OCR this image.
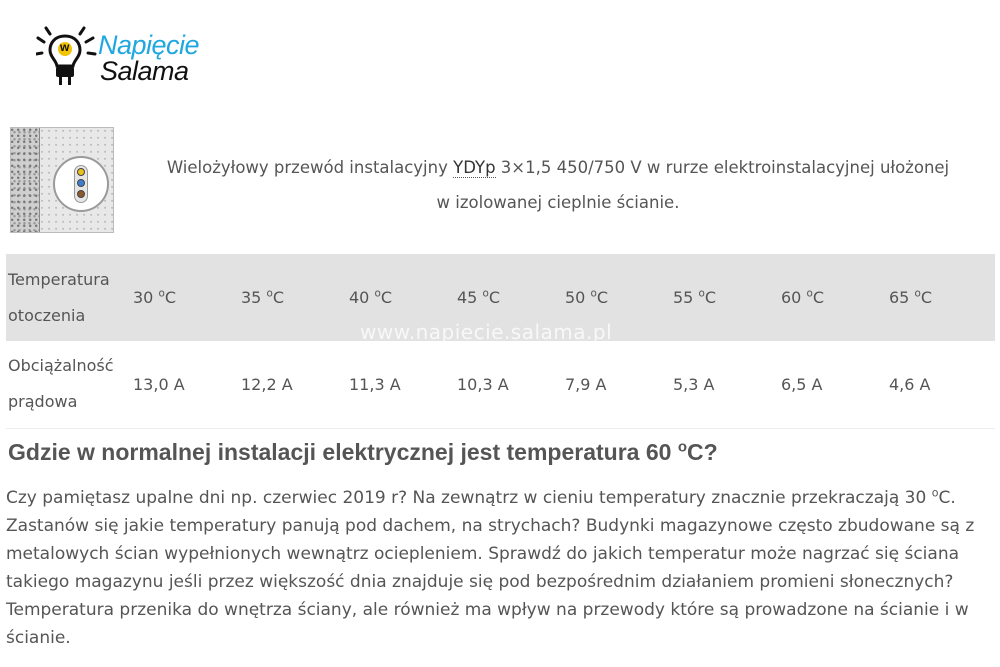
w Napięcie
Salama
Wielożyłowy przewód instalacyjny YDYp 3×1,5 450/750 V w rurze elektroinstalacyjnej ułożonej
w izolowanej cieplnie ścianie.
Temperatura
otoczenia	30 $^o$C	35 $^o$C	40 $^o$C	45 $^o$C	50 $^o$C	55 $^o$C	60 $^o$C	65 $^o$C
Obciążalność
prądowa	13,0 A	12,2 A	11,3 A	10,3 A	7,9 A	5,3 A	6,5 A	4,6 A
www.napiecie.salama.pl
Gdzie w normalnej instalacji elektrycznej jest temperatura 60 $^o$C?

Czy pamiętasz upalne dni np. czerwiec 2019 r? Na zewnątrz w cieniu temperatury znacznie przekraczają 30 $^o$C. Zastanów się jakie temperatury panują pod dachem, na strychach? Budynki magazynowe często zbudowane są z metalowych ścian wypełnionych wewnątrz ociepleniem. Sprawdź do jakich temperatur może nagrzać się ściana takiego magazynu jeśli przez większość dnia znajduje się pod bezpośrednim działaniem promieni słonecznych? Temperatura przenika do wnętrza ściany, ale również ma wpływ na przewody które są prowadzone na ścianie i w ścianie.
